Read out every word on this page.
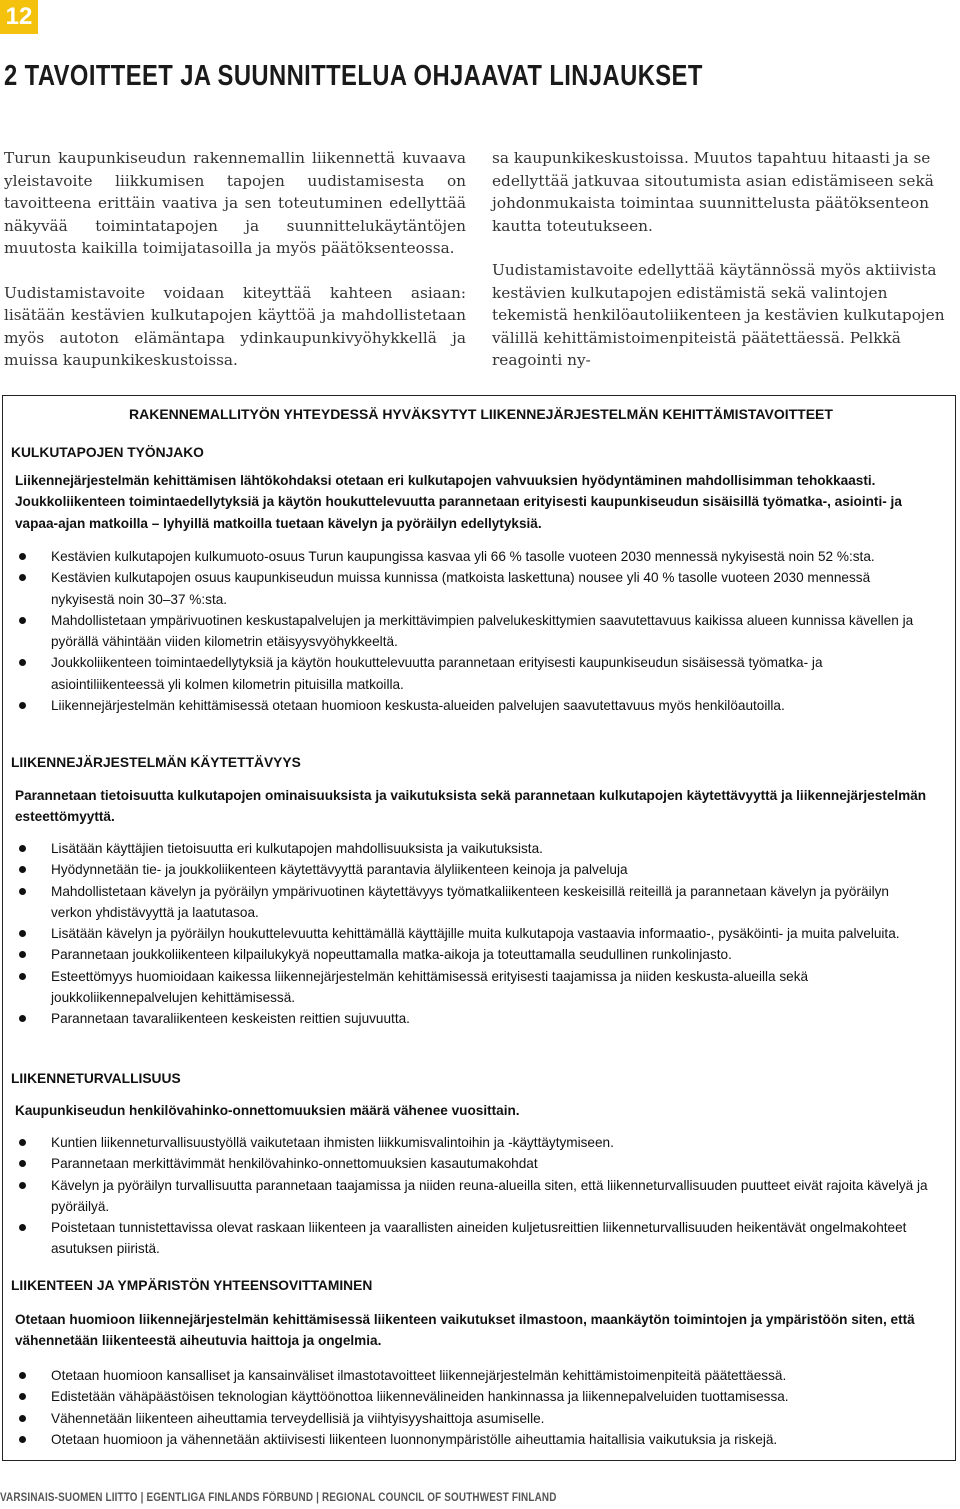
12
2 TAVOITTEET JA SUUNNITTELUA OHJAAVAT LINJAUKSET

Turun kaupunkiseudun rakennemallin liikennettä kuvaava yleistavoite liikkumisen tapojen uudistamisesta on tavoitteena erittäin vaativa ja sen toteutuminen edellyttää näkyvää toimintatapojen ja suunnittelukäytäntöjen muutosta kaikilla toimijatasoilla ja myös päätöksenteossa.

Uudistamistavoite voidaan kiteyttää kahteen asiaan: lisätään kestävien kulkutapojen käyttöä ja mahdollistetaan myös autoton elämäntapa ydinkaupunkivyöhykkellä ja muissa kaupunkikeskustoissa.

sa kaupunkikeskustoissa. Muutos tapahtuu hitaasti ja se edellyttää jatkuvaa sitoutumista asian edistämiseen sekä johdonmukaista toimintaa suunnittelusta päätöksenteon kautta toteutukseen.

Uudistamistavoite edellyttää käytännössä myös aktiivista kestävien kulkutapojen edistämistä sekä valintojen tekemistä henkilöautoliikenteen ja kestävien kulkutapojen välillä kehittämistoimenpiteistä päätettäessä. Pelkkä reagointi ny-

RAKENNEMALLITYÖN YHTEYDESSÄ HYVÄKSYTYT LIIKENNEJÄRJESTELMÄN KEHITTÄMISTAVOITTEET
KULKUTAPOJEN TYÖNJAKO

Liikennejärjestelmän kehittämisen lähtökohdaksi otetaan eri kulkutapojen vahvuuksien hyödyntäminen mahdollisimman tehokkaasti. Joukkoliikenteen toimintaedellytyksiä ja käytön houkuttelevuutta parannetaan erityisesti kaupunkiseudun sisäisillä työmatka-, asiointi- ja vapaa-ajan matkoilla – lyhyillä matkoilla tuetaan kävelyn ja pyöräilyn edellytyksiä.

Kestävien kulkutapojen kulkumuoto-osuus Turun kaupungissa kasvaa yli 66 % tasolle vuoteen 2030 mennessä nykyisestä noin 52 %:sta.
Kestävien kulkutapojen osuus kaupunkiseudun muissa kunnissa (matkoista laskettuna) nousee yli 40 % tasolle vuoteen 2030 mennessä nykyisestä noin 30–37 %:sta.
Mahdollistetaan ympärivuotinen keskustapalvelujen ja merkittävimpien palvelukeskittymien saavutettavuus kaikissa alueen kunnissa kävellen ja pyörällä vähintään viiden kilometrin etäisyysvyöhykkeeltä.
Joukkoliikenteen toimintaedellytyksiä ja käytön houkuttelevuutta parannetaan erityisesti kaupunkiseudun sisäisessä työmatka- ja asiointiliikenteessä yli kolmen kilometrin pituisilla matkoilla.
Liikennejärjestelmän kehittämisessä otetaan huomioon keskusta-alueiden palvelujen saavutettavuus myös henkilöautoilla.
LIIKENNEJÄRJESTELMÄN KÄYTETTÄVYYS

Parannetaan tietoisuutta kulkutapojen ominaisuuksista ja vaikutuksista sekä parannetaan kulkutapojen käytettävyyttä ja liikennejärjestelmän esteettömyyttä.

Lisätään käyttäjien tietoisuutta eri kulkutapojen mahdollisuuksista ja vaikutuksista.
Hyödynnetään tie- ja joukkoliikenteen käytettävyyttä parantavia älyliikenteen keinoja ja palveluja
Mahdollistetaan kävelyn ja pyöräilyn ympärivuotinen käytettävyys työmatkaliikenteen keskeisillä reiteillä ja parannetaan kävelyn ja pyöräilyn verkon yhdistävyyttä ja laatutasoa.
Lisätään kävelyn ja pyöräilyn houkuttelevuutta kehittämällä käyttäjille muita kulkutapoja vastaavia informaatio-, pysäköinti- ja muita palveluita.
Parannetaan joukkoliikenteen kilpailukykyä nopeuttamalla matka-aikoja ja toteuttamalla seudullinen runkolinjasto.
Esteettömyys huomioidaan kaikessa liikennejärjestelmän kehittämisessä erityisesti taajamissa ja niiden keskusta-alueilla sekä joukkoliikennepalvelujen kehittämisessä.
Parannetaan tavaraliikenteen keskeisten reittien sujuvuutta.
LIIKENNETURVALLISUUS

Kaupunkiseudun henkilövahinko-onnettomuuksien määrä vähenee vuosittain.

Kuntien liikenneturvallisuustyöllä vaikutetaan ihmisten liikkumisvalintoihin ja -käyttäytymiseen.
Parannetaan merkittävimmät henkilövahinko-onnettomuuksien kasautumakohdat
Kävelyn ja pyöräilyn turvallisuutta parannetaan taajamissa ja niiden reuna-alueilla siten, että liikenneturvallisuuden puutteet eivät rajoita kävelyä ja pyöräilyä.
Poistetaan tunnistettavissa olevat raskaan liikenteen ja vaarallisten aineiden kuljetusreittien liikenneturvallisuuden heikentävät ongelmakohteet asutuksen piiristä.
LIIKENTEEN JA YMPÄRISTÖN YHTEENSOVITTAMINEN

Otetaan huomioon liikennejärjestelmän kehittämisessä liikenteen vaikutukset ilmastoon, maankäytön toimintojen ja ympäristöön siten, että vähennetään liikenteestä aiheutuvia haittoja ja ongelmia.

Otetaan huomioon kansalliset ja kansainväliset ilmastotavoitteet liikennejärjestelmän kehittämistoimenpiteitä päätettäessä.
Edistetään vähäpäästöisen teknologian käyttöönottoa liikennevälineiden hankinnassa ja liikennepalveluiden tuottamisessa.
Vähennetään liikenteen aiheuttamia terveydellisiä ja viihtyisyyshaittoja asumiselle.
Otetaan huomioon ja vähennetään aktiivisesti liikenteen luonnonympäristölle aiheuttamia haitallisia vaikutuksia ja riskejä.

VARSINAIS-SUOMEN LIITTO | EGENTLIGA FINLANDS FÖRBUND | REGIONAL COUNCIL OF SOUTHWEST FINLAND
